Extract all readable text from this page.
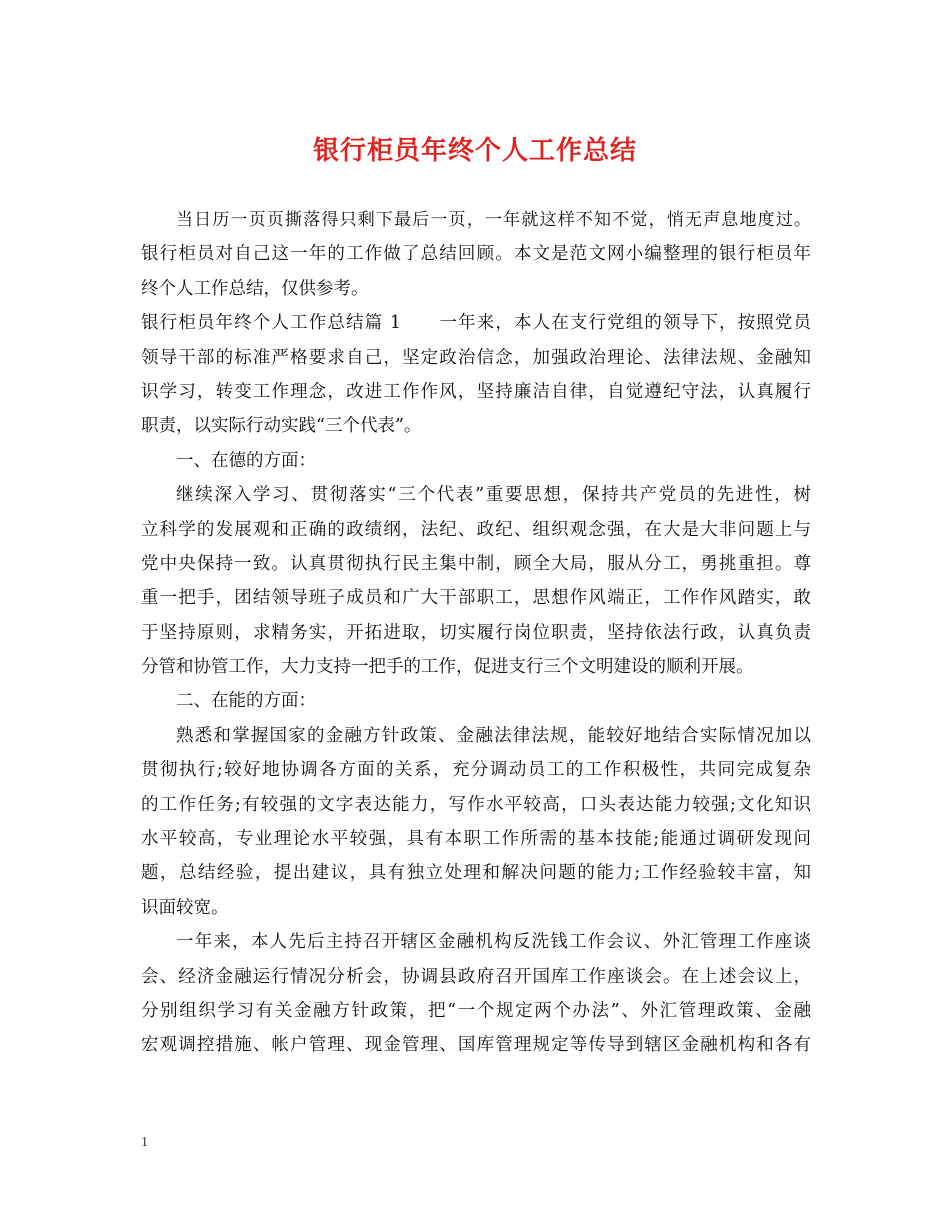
银行柜员年终个人工作总结
当日历一页页撕落得只剩下最后一页，一年就这样不知不觉，悄无声息地度过。
银行柜员对自己这一年的工作做了总结回顾。本文是范文网小编整理的银行柜员年
终个人工作总结，仅供参考。
银行柜员年终个人工作总结篇 1　　一年来，本人在支行党组的领导下，按照党员
领导干部的标准严格要求自己，坚定政治信念，加强政治理论、法律法规、金融知
识学习，转变工作理念，改进工作作风，坚持廉洁自律，自觉遵纪守法，认真履行
职责，以实际行动实践“三个代表”。
一、在德的方面：
继续深入学习、贯彻落实“三个代表”重要思想，保持共产党员的先进性，树
立科学的发展观和正确的政绩纲，法纪、政纪、组织观念强，在大是大非问题上与
党中央保持一致。认真贯彻执行民主集中制，顾全大局，服从分工，勇挑重担。尊
重一把手，团结领导班子成员和广大干部职工，思想作风端正，工作作风踏实，敢
于坚持原则，求精务实，开拓进取，切实履行岗位职责，坚持依法行政，认真负责
分管和协管工作，大力支持一把手的工作，促进支行三个文明建设的顺利开展。
二、在能的方面：
熟悉和掌握国家的金融方针政策、金融法律法规，能较好地结合实际情况加以
贯彻执行;较好地协调各方面的关系，充分调动员工的工作积极性，共同完成复杂
的工作任务;有较强的文字表达能力，写作水平较高，口头表达能力较强;文化知识
水平较高，专业理论水平较强，具有本职工作所需的基本技能;能通过调研发现问
题，总结经验，提出建议，具有独立处理和解决问题的能力;工作经验较丰富，知
识面较宽。
一年来，本人先后主持召开辖区金融机构反洗钱工作会议、外汇管理工作座谈
会、经济金融运行情况分析会，协调县政府召开国库工作座谈会。在上述会议上，
分别组织学习有关金融方针政策，把“一个规定两个办法”、外汇管理政策、金融
宏观调控措施、帐户管理、现金管理、国库管理规定等传导到辖区金融机构和各有
1
